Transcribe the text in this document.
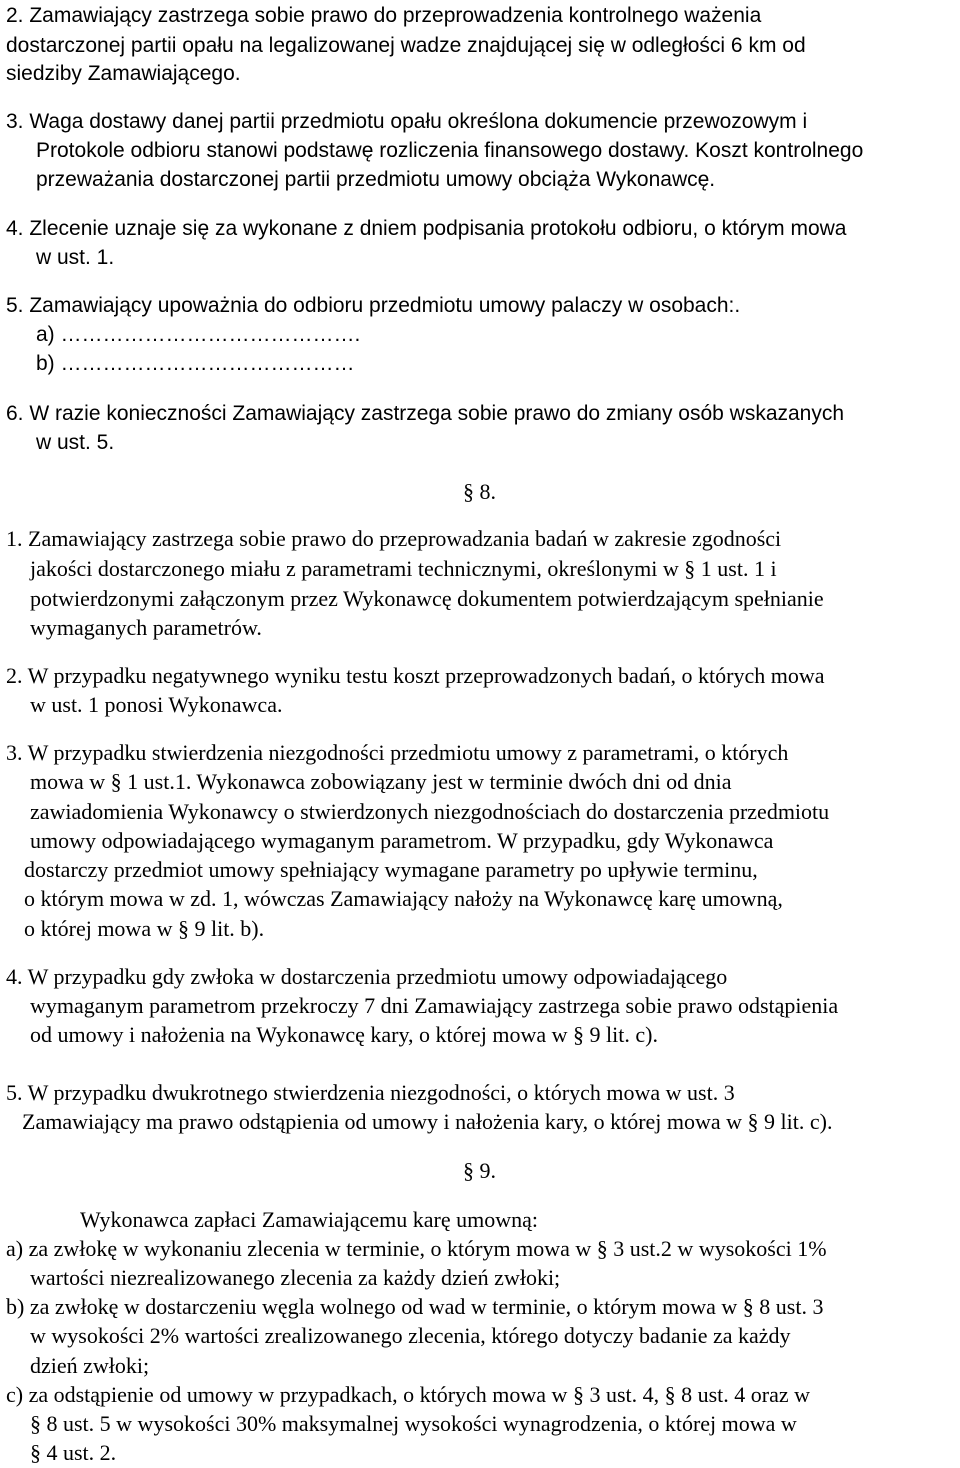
2. Zamawiający zastrzega sobie prawo do przeprowadzenia kontrolnego ważenia
dostarczonej partii opału na legalizowanej wadze znajdującej się w odległości 6 km od
siedziby Zamawiającego.
3. Waga dostawy danej partii przedmiotu opału określona dokumencie przewozowym i
Protokole odbioru stanowi podstawę rozliczenia finansowego dostawy. Koszt kontrolnego
przeważania dostarczonej partii przedmiotu umowy obciąża Wykonawcę.
4. Zlecenie uznaje się za wykonane z dniem podpisania protokołu odbioru, o którym mowa
w ust. 1.
5. Zamawiający upoważnia do odbioru przedmiotu umowy palaczy w osobach:.
a) …………………………………….
b) ……………………………………
6. W razie konieczności Zamawiający zastrzega sobie prawo do zmiany osób wskazanych
w ust. 5.
§ 8.
1. Zamawiający zastrzega sobie prawo do przeprowadzania badań w zakresie zgodności
jakości dostarczonego miału z parametrami technicznymi, określonymi w § 1 ust. 1 i
potwierdzonymi załączonym przez Wykonawcę dokumentem potwierdzającym spełnianie
wymaganych parametrów.
2. W przypadku negatywnego wyniku testu koszt przeprowadzonych badań, o których mowa
w ust. 1 ponosi Wykonawca.
3. W przypadku stwierdzenia niezgodności przedmiotu umowy z parametrami, o których
mowa w § 1 ust.1. Wykonawca zobowiązany jest w terminie dwóch dni od dnia
zawiadomienia Wykonawcy o stwierdzonych niezgodnościach do dostarczenia przedmiotu
umowy odpowiadającego wymaganym parametrom. W przypadku, gdy Wykonawca
dostarczy przedmiot umowy spełniający wymagane parametry po upływie terminu,
o którym mowa w zd. 1, wówczas Zamawiający nałoży na Wykonawcę karę umowną,
o której mowa w § 9 lit. b).
4. W przypadku gdy zwłoka w dostarczenia przedmiotu umowy odpowiadającego
wymaganym parametrom przekroczy 7 dni Zamawiający zastrzega sobie prawo odstąpienia
od umowy i nałożenia na Wykonawcę kary, o której mowa w § 9 lit. c).
5. W przypadku dwukrotnego stwierdzenia niezgodności, o których mowa w ust. 3
Zamawiający ma prawo odstąpienia od umowy i nałożenia kary, o której mowa w § 9 lit. c).
§ 9.
Wykonawca zapłaci Zamawiającemu karę umowną:
a) za zwłokę w wykonaniu zlecenia w terminie, o którym mowa w § 3 ust.2 w wysokości 1%
wartości niezrealizowanego zlecenia za każdy dzień zwłoki;
b) za zwłokę w dostarczeniu węgla wolnego od wad w terminie, o którym mowa w § 8 ust. 3
w wysokości 2% wartości zrealizowanego zlecenia, którego dotyczy badanie za każdy
dzień zwłoki;
c) za odstąpienie od umowy w przypadkach, o których mowa w § 3 ust. 4, § 8 ust. 4 oraz w
§ 8 ust. 5 w wysokości 30% maksymalnej wysokości wynagrodzenia, o której mowa w
§ 4 ust. 2.
